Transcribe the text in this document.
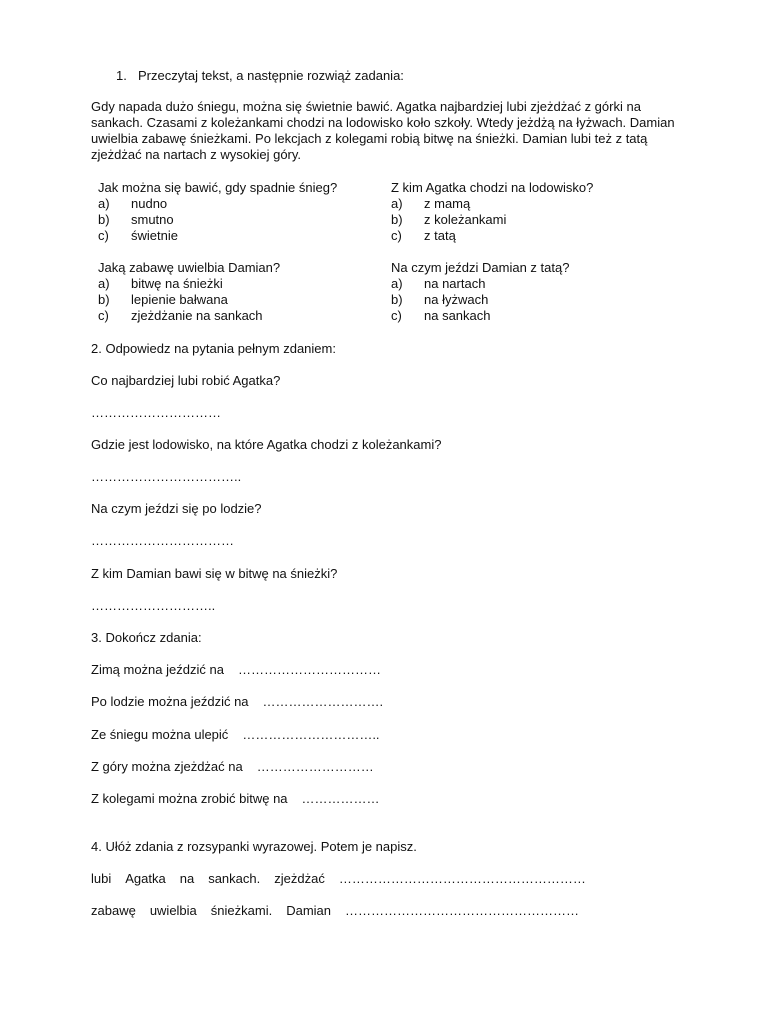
1. Przeczytaj tekst, a następnie rozwiąż zadania:

Gdy napada dużo śniegu, można się świetnie bawić. Agatka najbardziej lubi zjeżdżać z górki na

sankach. Czasami z koleżankami chodzi na lodowisko koło szkoły. Wtedy jeżdżą na łyżwach. Damian

uwielbia zabawę śnieżkami. Po lekcjach z kolegami robią bitwę na śnieżki. Damian lubi też z tatą

zjeżdżać na nartach z wysokiej góry.

Jak można się bawić, gdy spadnie śnieg?
a) nudno
b) smutno
c) świetnie
Z kim Agatka chodzi na lodowisko?
a) z mamą
b) z koleżankami
c) z tatą
Jaką zabawę uwielbia Damian?
a) bitwę na śnieżki
b) lepienie bałwana
c) zjeżdżanie na sankach
Na czym jeździ Damian z tatą?
a) na nartach
b) na łyżwach
c) na sankach
2. Odpowiedz na pytania pełnym zdaniem:
Co najbardziej lubi robić Agatka?
…………………………
Gdzie jest lodowisko, na które Agatka chodzi z koleżankami?
……………………………..
Na czym jeździ się po lodzie?
……………………………
Z kim Damian bawi się w bitwę na śnieżki?
………………………..
3. Dokończ zdania:
Zimą można jeździć na ……………………………
Po lodzie można jeździć na ……………………….
Ze śniegu można ulepić …………………………..
Z góry można zjeżdżać na ………………………
Z kolegami można zrobić bitwę na ………………
4. Ułóż zdania z rozsypanki wyrazowej. Potem je napisz.
lubi Agatka na sankach. zjeżdżać …………………………………………………
zabawę uwielbia śnieżkami. Damian ………………………………………………
